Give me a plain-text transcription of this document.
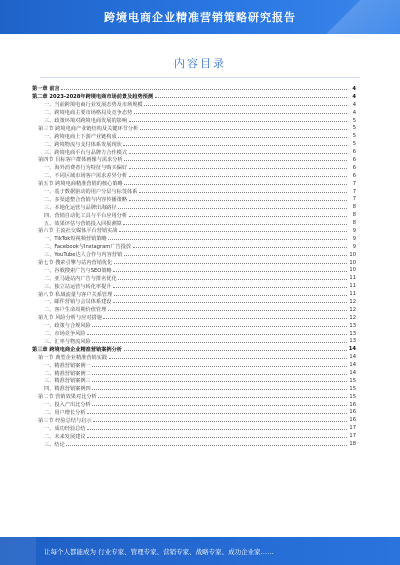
跨境电商企业精准营销策略研究报告
内容目录
第一章 前言	4
第二章 2023-2028年跨境电商市场前景及趋势预测	4
一、当前跨境电商行业发展态势及市场规模	4
二、跨境电商主要市场格局及竞争态势	4
三、政策环境对跨境电商发展的影响	5
第三节 跨境电商产业链结构及关键环节分析	5
一、跨境电商上下游产业链构成	5
二、跨境物流与支付体系发展现状	5
三、跨境电商平台与品牌方合作模式	6
第四节 目标客户群体画像与需求分析	6
一、海外消费者行为特征与购买偏好	6
二、不同区域市场客户需求差异分析	6
第五节 跨境电商精准营销的核心策略	7
一、基于数据驱动的用户分层与标签体系	7
二、多渠道整合营销与内容传播策略	7
三、本地化运营与品牌出海路径	8
四、营销自动化工具与平台应用分析	8
五、效果评估与营销投入回报测算	8
第六节 主流社交媒体平台营销实战	9
一、TikTok短视频营销策略	9
二、Facebook与Instagram广告投放	9
三、YouTube达人合作与内容营销	10
第七节 搜索引擎与站内营销优化	10
一、谷歌搜索广告与SEO策略	10
二、亚马逊站内广告与排名优化	11
三、独立站运营与转化率提升	11
第八节 私域流量与客户关系管理	11
一、邮件营销与会员体系建设	12
二、客户生命周期价值管理	12
第九节 风险分析与应对措施	12
一、政策与合规风险	13
二、市场竞争风险	13
三、汇率与物流风险	13
第三章 跨境电商企业精准营销案例分析	14
第一节 典型企业精准营销实践	14
一、精准营销案例一	14
二、精准营销案例二	14
三、精准营销案例三	15
四、精准营销案例四	15
第二节 营销效果对比分析	15
一、投入产出比分析	16
二、用户增长分析	16
第三节 经验总结与启示	16
一、成功经验总结	17
二、未来发展建议	17
三、结论	18
让每个人都能成为 行业专家、管理专家、营销专家、战略专家、成功企业家……
